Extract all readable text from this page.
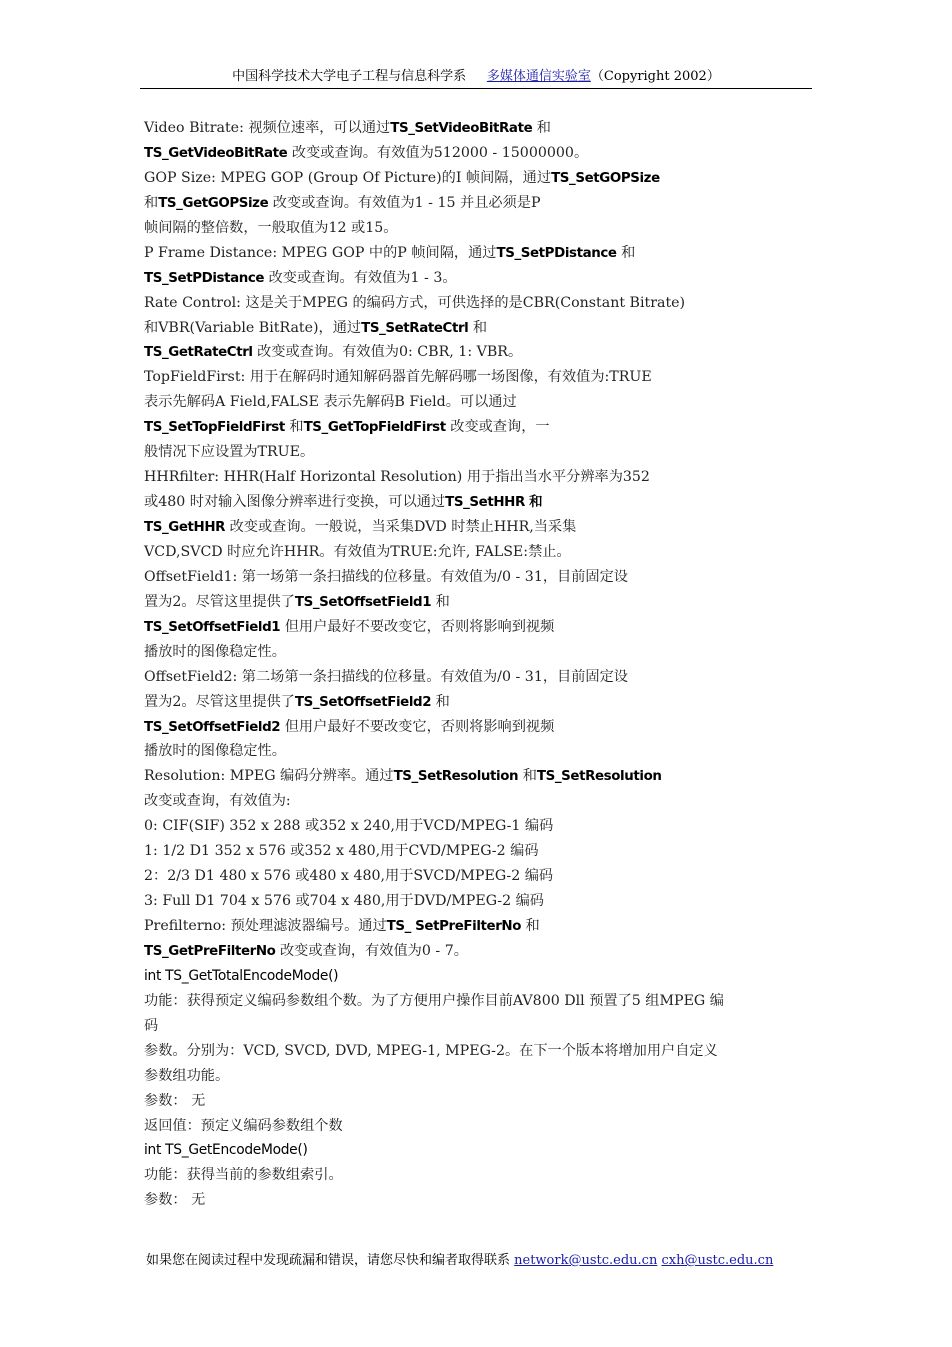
中国科学技术大学电子工程与信息科学系 多媒体通信实验室（Copyright 2002）
Video Bitrate: 视频位速率，可以通过TS_SetVideoBitRate 和
TS_GetVideoBitRate 改变或查询。有效值为512000 - 15000000。
GOP Size: MPEG GOP (Group Of Picture)的I 帧间隔，通过TS_SetGOPSize
和TS_GetGOPSize 改变或查询。有效值为1 - 15 并且必须是P
帧间隔的整倍数，一般取值为12 或15。
P Frame Distance: MPEG GOP 中的P 帧间隔，通过TS_SetPDistance 和
TS_SetPDistance 改变或查询。有效值为1 - 3。
Rate Control: 这是关于MPEG 的编码方式，可供选择的是CBR(Constant Bitrate)
和VBR(Variable BitRate)，通过TS_SetRateCtrl 和
TS_GetRateCtrl 改变或查询。有效值为0: CBR, 1: VBR。
TopFieldFirst: 用于在解码时通知解码器首先解码哪一场图像，有效值为:TRUE
表示先解码A Field,FALSE 表示先解码B Field。可以通过
TS_SetTopFieldFirst 和TS_GetTopFieldFirst 改变或查询，一
般情况下应设置为TRUE。
HHRfilter: HHR(Half Horizontal Resolution) 用于指出当水平分辨率为352
或480 时对输入图像分辨率进行变换，可以通过TS_SetHHR 和
TS_GetHHR 改变或查询。一般说，当采集DVD 时禁止HHR,当采集
VCD,SVCD 时应允许HHR。有效值为TRUE:允许, FALSE:禁止。
OffsetField1: 第一场第一条扫描线的位移量。有效值为/0 - 31，目前固定设
置为2。尽管这里提供了TS_SetOffsetField1 和
TS_SetOffsetField1 但用户最好不要改变它，否则将影响到视频
播放时的图像稳定性。
OffsetField2: 第二场第一条扫描线的位移量。有效值为/0 - 31，目前固定设
置为2。尽管这里提供了TS_SetOffsetField2 和
TS_SetOffsetField2 但用户最好不要改变它，否则将影响到视频
播放时的图像稳定性。
Resolution: MPEG 编码分辨率。通过TS_SetResolution 和TS_SetResolution
改变或查询，有效值为:
0: CIF(SIF) 352 x 288 或352 x 240,用于VCD/MPEG-1 编码
1: 1/2 D1 352 x 576 或352 x 480,用于CVD/MPEG-2 编码
2：2/3 D1 480 x 576 或480 x 480,用于SVCD/MPEG-2 编码
3: Full D1 704 x 576 或704 x 480,用于DVD/MPEG-2 编码
Prefilterno: 预处理滤波器编号。通过TS_ SetPreFilterNo 和
TS_GetPreFilterNo 改变或查询，有效值为0 - 7。
int TS_GetTotalEncodeMode()
功能：获得预定义编码参数组个数。为了方便用户操作目前AV800 Dll 预置了5 组MPEG 编
码
参数。分别为：VCD, SVCD, DVD, MPEG-1, MPEG-2。在下一个版本将增加用户自定义
参数组功能。
参数： 无
返回值：预定义编码参数组个数
int TS_GetEncodeMode()
功能：获得当前的参数组索引。
参数： 无
如果您在阅读过程中发现疏漏和错误，请您尽快和编者取得联系 network@ustc.edu.cn cxh@ustc.edu.cn
